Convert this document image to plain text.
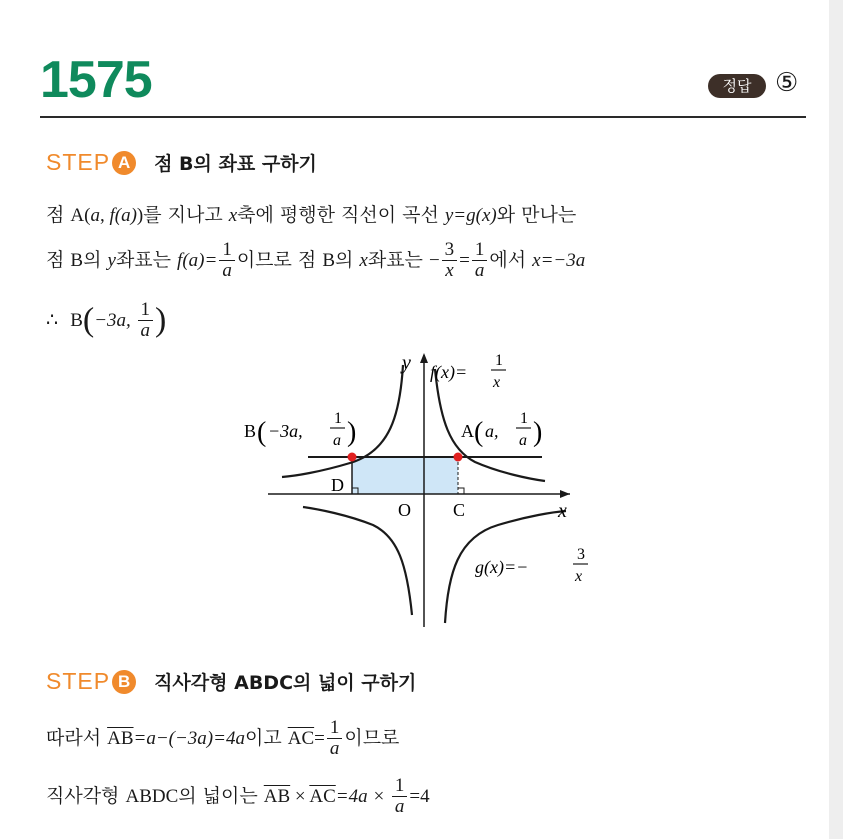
1575	정답 ⑤
STEP A	점 B의 좌표 구하기
점 A(a, f(a))를 지나고 x축에 평행한 직선이 곡선 y=g(x)와 만나는
점 B의 y좌표는 $f(a)= \frac{1}{a}$ 이므로 점 B의 x좌표는 − $\frac{3}{x} = \frac{1}{a}$ 에서 x=−3a
∴ B(−3a, $\frac{1}{a}$ )
y
x
O C
D
f(x)=
1
x
g(x)=−
3
x
B ( −3a,
1
a )	A ( a,
1
a )
STEP B	직사각형 ABDC의 넓이 구하기
따라서 $\overline{AB}=a-(-3a)=4a$이고 $\overline{AC}= \frac{1}{a}$ 이므로
직사각형 ABDC의 넓이는 $\overline{AB} \times \overline{AC}=4a \times \frac{1}{a} =4$
